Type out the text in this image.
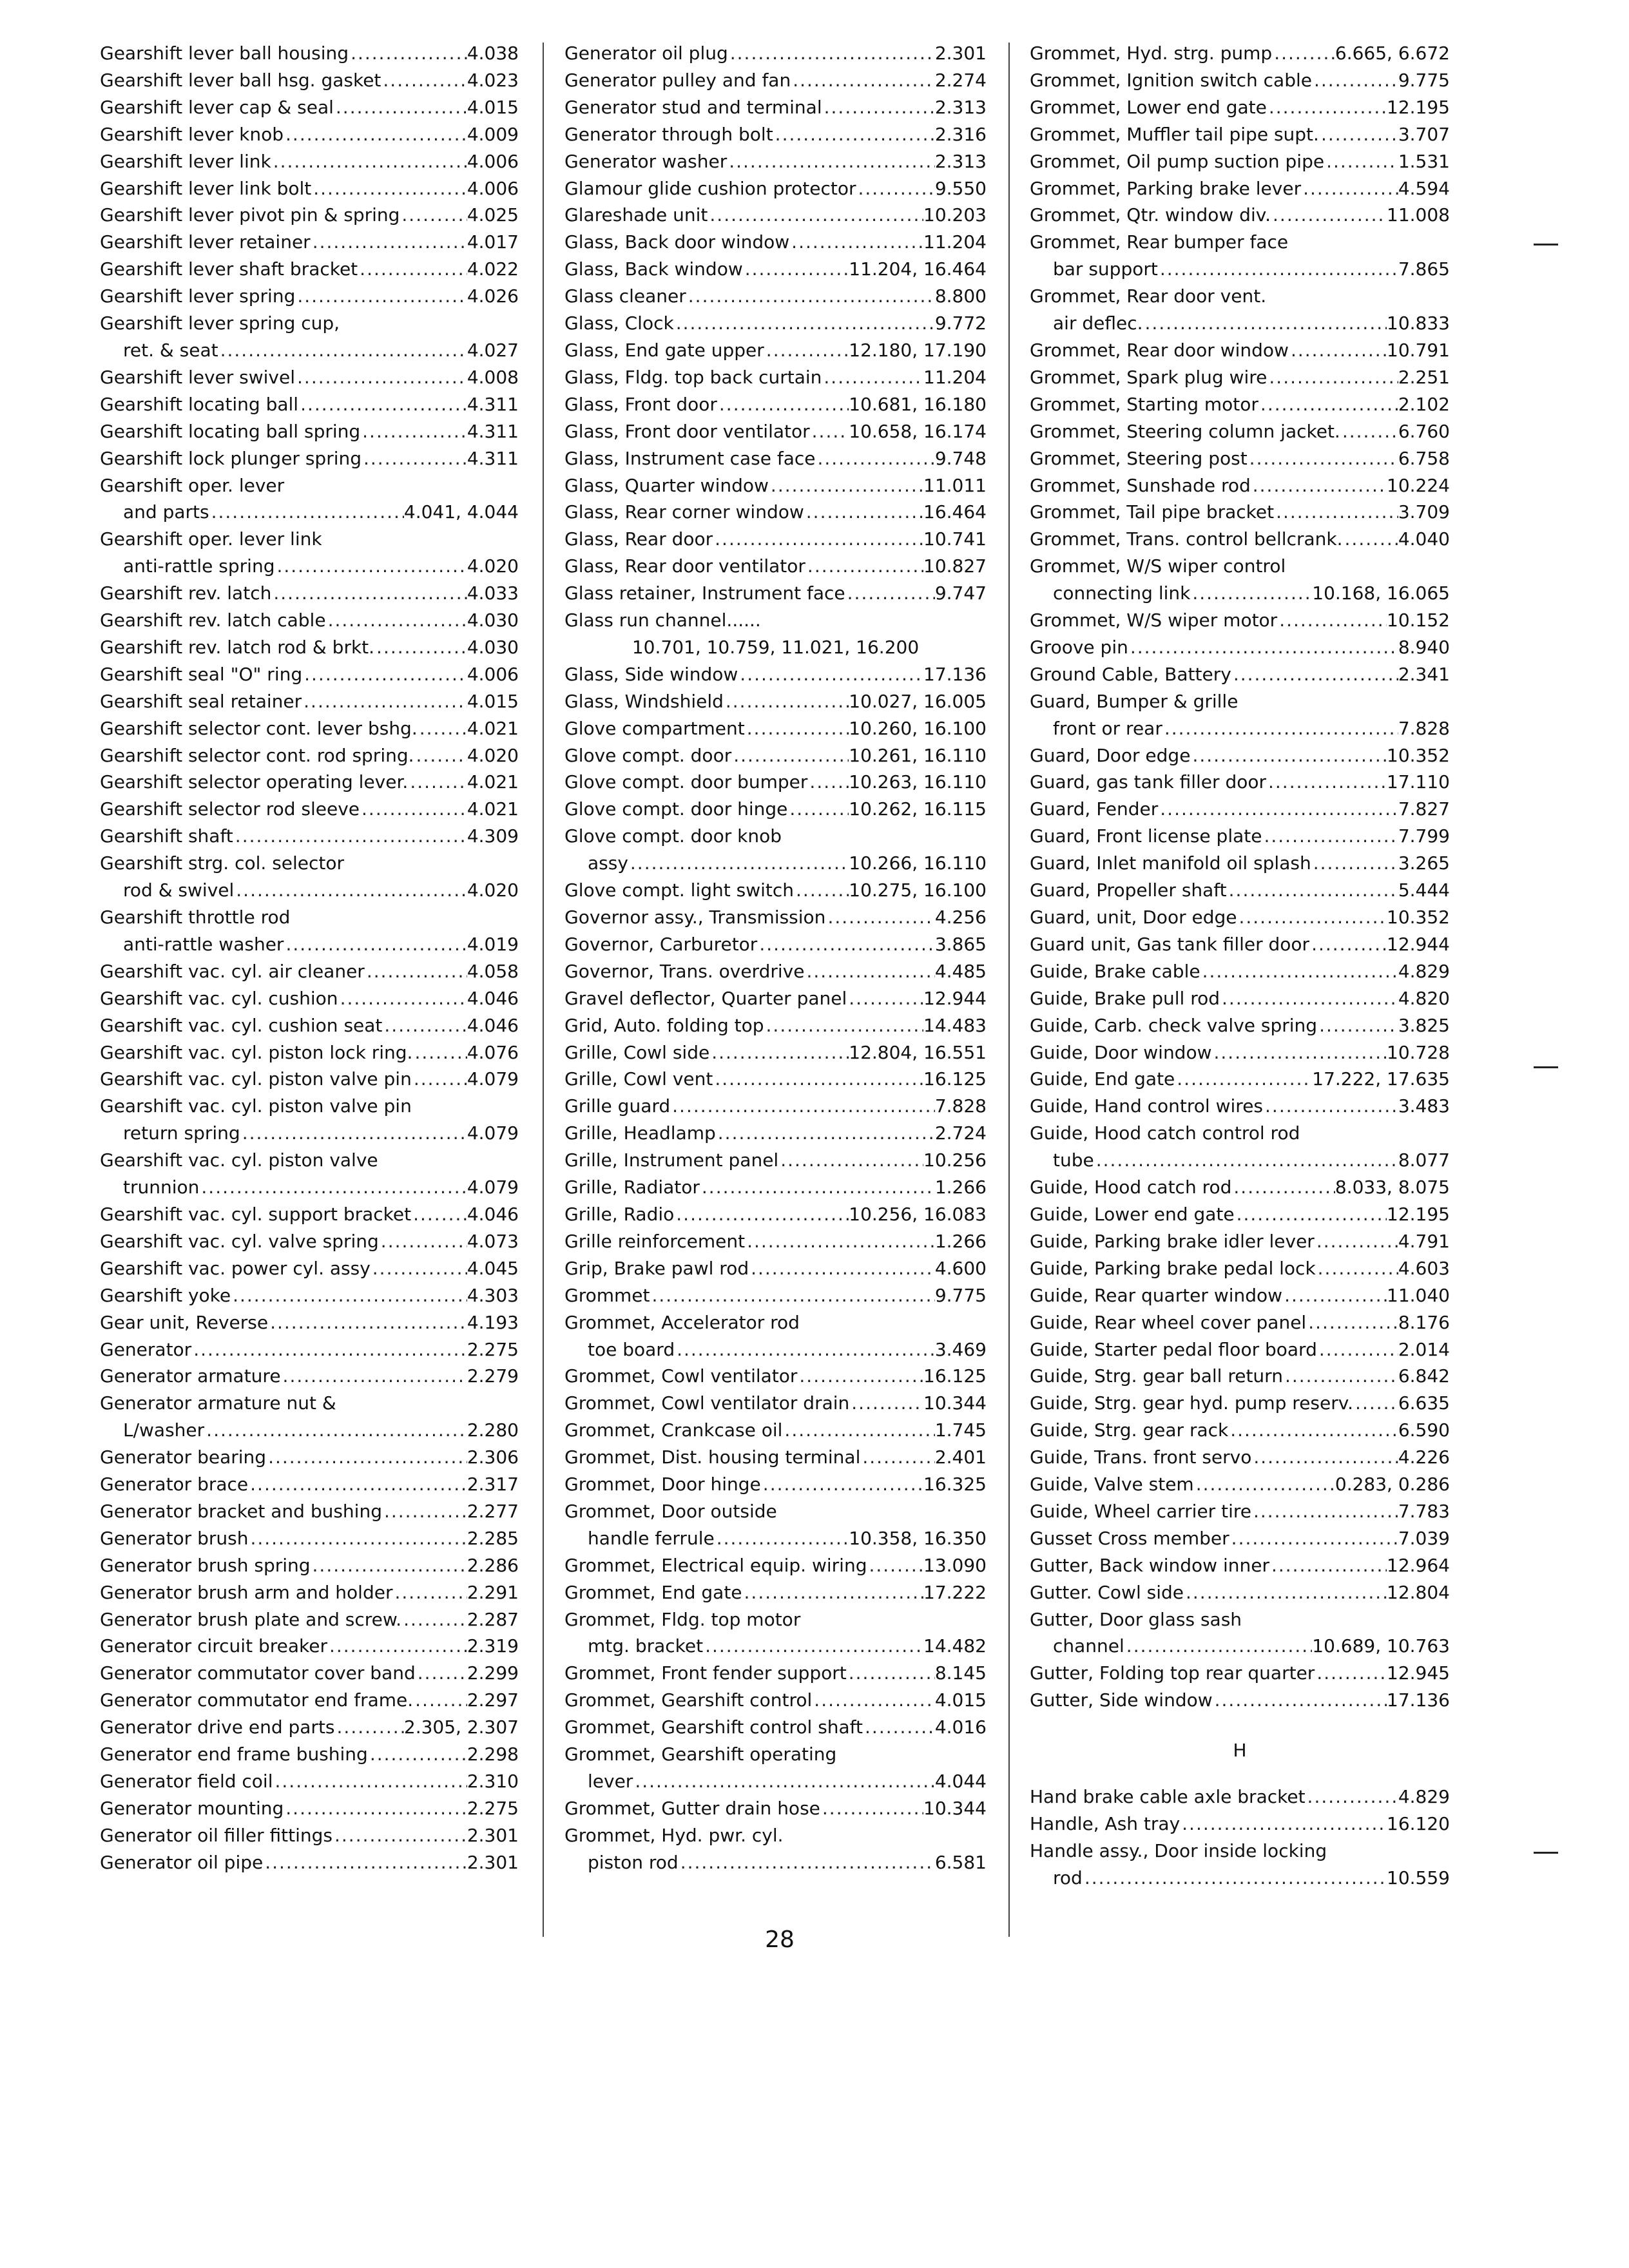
Gearshift lever ball housing .....	4.038
Gearshift lever ball hsg. gasket .....	4.023
Gearshift lever cap & seal .....	4.015
Gearshift lever knob .....	4.009
Gearshift lever link .....	4.006
Gearshift lever link bolt .....	4.006
Gearshift lever pivot pin & spring .....	4.025
Gearshift lever retainer .....	4.017
Gearshift lever shaft bracket .....	4.022
Gearshift lever spring .....	4.026
Gearshift lever spring cup,
ret. & seat .....	4.027
Gearshift lever swivel .....	4.008
Gearshift locating ball .....	4.311
Gearshift locating ball spring .....	4.311
Gearshift lock plunger spring .....	4.311
Gearshift oper. lever
and parts .....	4.041, 4.044
Gearshift oper. lever link
anti-rattle spring .....	4.020
Gearshift rev. latch .....	4.033
Gearshift rev. latch cable .....	4.030
Gearshift rev. latch rod & brkt. .....	4.030
Gearshift seal "O" ring .....	4.006
Gearshift seal retainer .....	4.015
Gearshift selector cont. lever bshg. .....	4.021
Gearshift selector cont. rod spring. .....	4.020
Gearshift selector operating lever. .....	4.021
Gearshift selector rod sleeve .....	4.021
Gearshift shaft .....	4.309
Gearshift strg. col. selector
rod & swivel .....	4.020
Gearshift throttle rod
anti-rattle washer .....	4.019
Gearshift vac. cyl. air cleaner .....	4.058
Gearshift vac. cyl. cushion .....	4.046
Gearshift vac. cyl. cushion seat .....	4.046
Gearshift vac. cyl. piston lock ring. .....	4.076
Gearshift vac. cyl. piston valve pin .....	4.079
Gearshift vac. cyl. piston valve pin
return spring .....	4.079
Gearshift vac. cyl. piston valve
trunnion .....	4.079
Gearshift vac. cyl. support bracket .....	4.046
Gearshift vac. cyl. valve spring .....	4.073
Gearshift vac. power cyl. assy .....	4.045
Gearshift yoke .....	4.303
Gear unit, Reverse .....	4.193
Generator .....	2.275
Generator armature .....	2.279
Generator armature nut &
L/washer .....	2.280
Generator bearing .....	2.306
Generator brace .....	2.317
Generator bracket and bushing .....	2.277
Generator brush .....	2.285
Generator brush spring .....	2.286
Generator brush arm and holder .....	2.291
Generator brush plate and screw. .....	2.287
Generator circuit breaker .....	2.319
Generator commutator cover band .....	2.299
Generator commutator end frame. .....	2.297
Generator drive end parts .....	2.305, 2.307
Generator end frame bushing .....	2.298
Generator field coil .....	2.310
Generator mounting .....	2.275
Generator oil filler fittings .....	2.301
Generator oil pipe .....	2.301
Generator oil plug .....	2.301
Generator pulley and fan .....	2.274
Generator stud and terminal .....	2.313
Generator through bolt .....	2.316
Generator washer .....	2.313
Glamour glide cushion protector .....	9.550
Glareshade unit .....	10.203
Glass, Back door window .....	11.204
Glass, Back window .....	11.204, 16.464
Glass cleaner .....	8.800
Glass, Clock .....	9.772
Glass, End gate upper .....	12.180, 17.190
Glass, Fldg. top back curtain .....	11.204
Glass, Front door .....	10.681, 16.180
Glass, Front door ventilator ..... 10.658, 16.174
Glass, Instrument case face .....	9.748
Glass, Quarter window .....	11.011
Glass, Rear corner window .....	16.464
Glass, Rear door .....	10.741
Glass, Rear door ventilator .....	10.827
Glass retainer, Instrument face .....	9.747
Glass run channel......
10.701, 10.759, 11.021, 16.200
Glass, Side window .....	17.136
Glass, Windshield .....	10.027, 16.005
Glove compartment .....	10.260, 16.100
Glove compt. door .....	10.261, 16.110
Glove compt. door bumper ..... 10.263, 16.110
Glove compt. door hinge .....	10.262, 16.115
Glove compt. door knob
assy .....	10.266, 16.110
Glove compt. light switch .....	10.275, 16.100
Governor assy., Transmission .....	4.256
Governor, Carburetor .....	3.865
Governor, Trans. overdrive .....	4.485
Gravel deflector, Quarter panel .....	12.944
Grid, Auto. folding top .....	14.483
Grille, Cowl side .....	12.804, 16.551
Grille, Cowl vent .....	16.125
Grille guard .....	7.828
Grille, Headlamp .....	2.724
Grille, Instrument panel .....	10.256
Grille, Radiator .....	1.266
Grille, Radio .....	10.256, 16.083
Grille reinforcement .....	1.266
Grip, Brake pawl rod .....	4.600
Grommet .....	9.775
Grommet, Accelerator rod
toe board .....	3.469
Grommet, Cowl ventilator .....	16.125
Grommet, Cowl ventilator drain .....	10.344
Grommet, Crankcase oil .....	1.745
Grommet, Dist. housing terminal .....	2.401
Grommet, Door hinge .....	16.325
Grommet, Door outside
handle ferrule .....	10.358, 16.350
Grommet, Electrical equip. wiring .....	13.090
Grommet, End gate .....	17.222
Grommet, Fldg. top motor
mtg. bracket .....	14.482
Grommet, Front fender support .....	8.145
Grommet, Gearshift control .....	4.015
Grommet, Gearshift control shaft .....	4.016
Grommet, Gearshift operating
lever .....	4.044
Grommet, Gutter drain hose .....	10.344
Grommet, Hyd. pwr. cyl.
piston rod .....	6.581
Grommet, Hyd. strg. pump .....	6.665, 6.672
Grommet, Ignition switch cable .....	9.775
Grommet, Lower end gate .....	12.195
Grommet, Muffler tail pipe supt. .....	3.707
Grommet, Oil pump suction pipe .....	1.531
Grommet, Parking brake lever .....	4.594
Grommet, Qtr. window div. .....	11.008
Grommet, Rear bumper face
bar support .....	7.865
Grommet, Rear door vent.
air deflec. .....	10.833
Grommet, Rear door window .....	10.791
Grommet, Spark plug wire .....	2.251
Grommet, Starting motor .....	2.102
Grommet, Steering column jacket. .....	6.760
Grommet, Steering post .....	6.758
Grommet, Sunshade rod .....	10.224
Grommet, Tail pipe bracket .....	3.709
Grommet, Trans. control bellcrank. .....	4.040
Grommet, W/S wiper control
connecting link .....	10.168, 16.065
Grommet, W/S wiper motor .....	10.152
Groove pin .....	8.940
Ground Cable, Battery .....	2.341
Guard, Bumper & grille
front or rear .....	7.828
Guard, Door edge .....	10.352
Guard, gas tank filler door .....	17.110
Guard, Fender .....	7.827
Guard, Front license plate .....	7.799
Guard, Inlet manifold oil splash .....	3.265
Guard, Propeller shaft .....	5.444
Guard, unit, Door edge .....	10.352
Guard unit, Gas tank filler door .....	12.944
Guide, Brake cable .....	4.829
Guide, Brake pull rod .....	4.820
Guide, Carb. check valve spring .....	3.825
Guide, Door window .....	10.728
Guide, End gate .....	17.222, 17.635
Guide, Hand control wires .....	3.483
Guide, Hood catch control rod
tube .....	8.077
Guide, Hood catch rod .....	8.033, 8.075
Guide, Lower end gate .....	12.195
Guide, Parking brake idler lever .....	4.791
Guide, Parking brake pedal lock .....	4.603
Guide, Rear quarter window .....	11.040
Guide, Rear wheel cover panel .....	8.176
Guide, Starter pedal floor board .....	2.014
Guide, Strg. gear ball return .....	6.842
Guide, Strg. gear hyd. pump reserv. ..... 6.635
Guide, Strg. gear rack .....	6.590
Guide, Trans. front servo .....	4.226
Guide, Valve stem .....	0.283, 0.286
Guide, Wheel carrier tire .....	7.783
Gusset Cross member .....	7.039
Gutter, Back window inner .....	12.964
Gutter. Cowl side .....	12.804
Gutter, Door glass sash
channel .....	10.689, 10.763
Gutter, Folding top rear quarter .....	12.945
Gutter, Side window .....	17.136
H
Hand brake cable axle bracket .....	4.829
Handle, Ash tray .....	16.120
Handle assy., Door inside locking
rod .....	10.559
28
